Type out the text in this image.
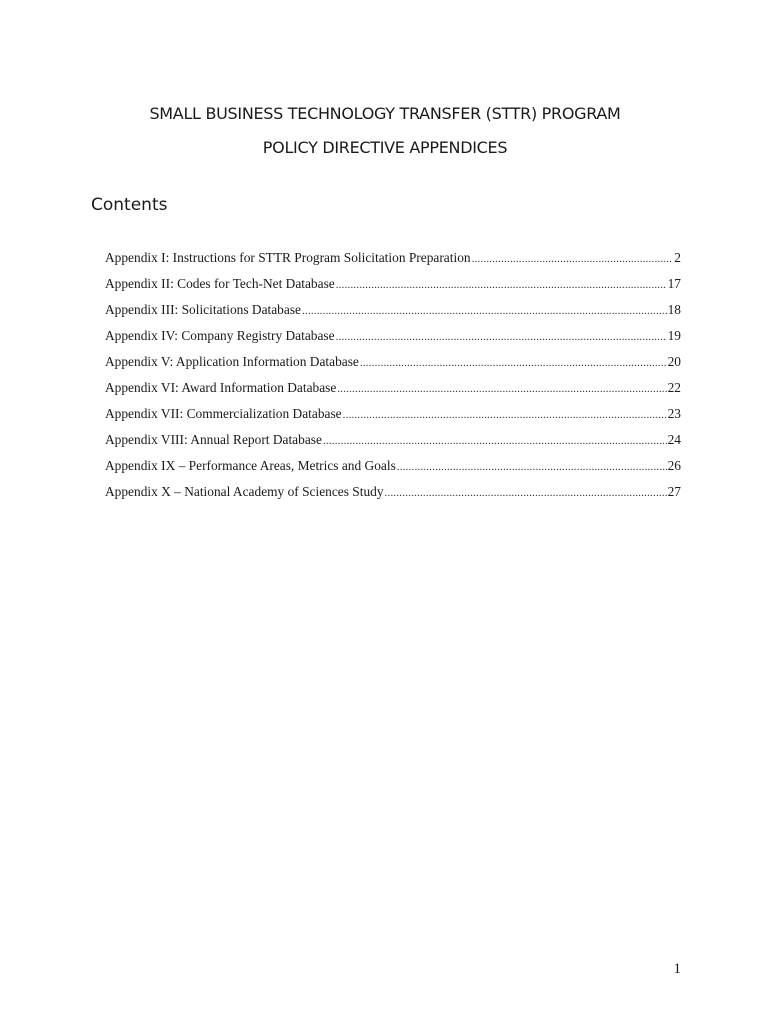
SMALL BUSINESS TECHNOLOGY TRANSFER (STTR) PROGRAM
POLICY DIRECTIVE APPENDICES
Contents
Appendix I: Instructions for STTR Program Solicitation Preparation .....	2
Appendix II: Codes for Tech-Net Database .....	17
Appendix III: Solicitations Database .....	18
Appendix IV: Company Registry Database .....	19
Appendix V: Application Information Database .....	20
Appendix VI: Award Information Database .....	22
Appendix VII: Commercialization Database .....	23
Appendix VIII: Annual Report Database .....	24
Appendix IX – Performance Areas, Metrics and Goals .....	26
Appendix X – National Academy of Sciences Study .....	27
1
